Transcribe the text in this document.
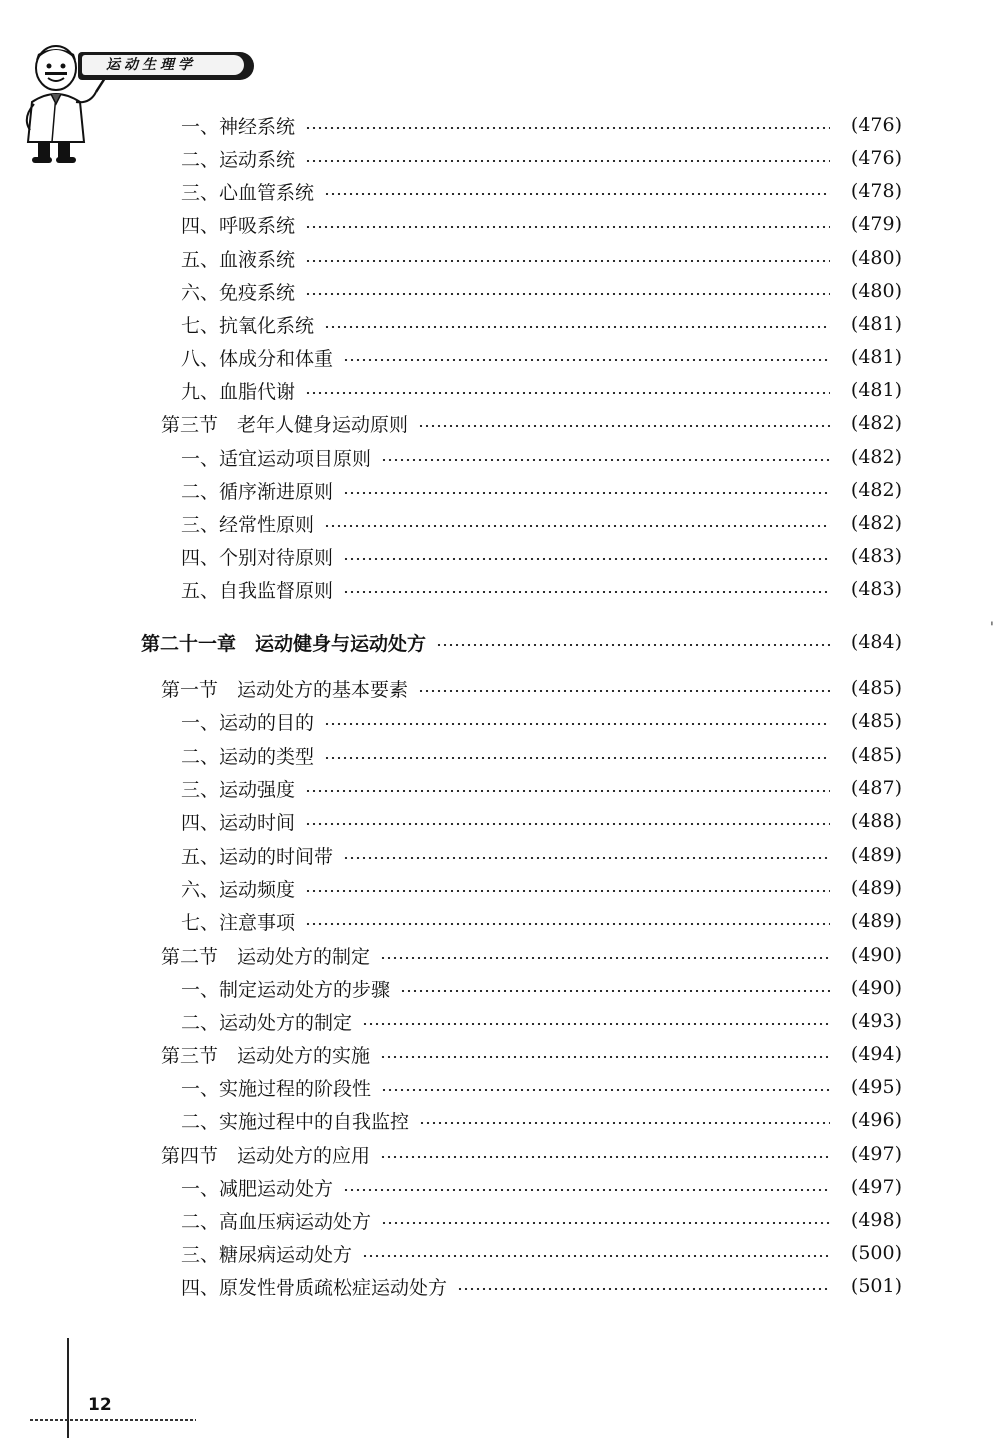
运动生理学
一、神经系统	(476)
二、运动系统	(476)
三、心血管系统	(478)
四、呼吸系统	(479)
五、血液系统	(480)
六、免疫系统	(480)
七、抗氧化系统	(481)
八、体成分和体重	(481)
九、血脂代谢	(481)
第三节　老年人健身运动原则	(482)
一、适宜运动项目原则	(482)
二、循序渐进原则	(482)
三、经常性原则	(482)
四、个别对待原则	(483)
五、自我监督原则	(483)
第二十一章　运动健身与运动处方	(484)
第一节　运动处方的基本要素	(485)
一、运动的目的	(485)
二、运动的类型	(485)
三、运动强度	(487)
四、运动时间	(488)
五、运动的时间带	(489)
六、运动频度	(489)
七、注意事项	(489)
第二节　运动处方的制定	(490)
一、制定运动处方的步骤	(490)
二、运动处方的制定	(493)
第三节　运动处方的实施	(494)
一、实施过程的阶段性	(495)
二、实施过程中的自我监控	(496)
第四节　运动处方的应用	(497)
一、减肥运动处方	(497)
二、高血压病运动处方	(498)
三、糖尿病运动处方	(500)
四、原发性骨质疏松症运动处方	(501)
'
12
